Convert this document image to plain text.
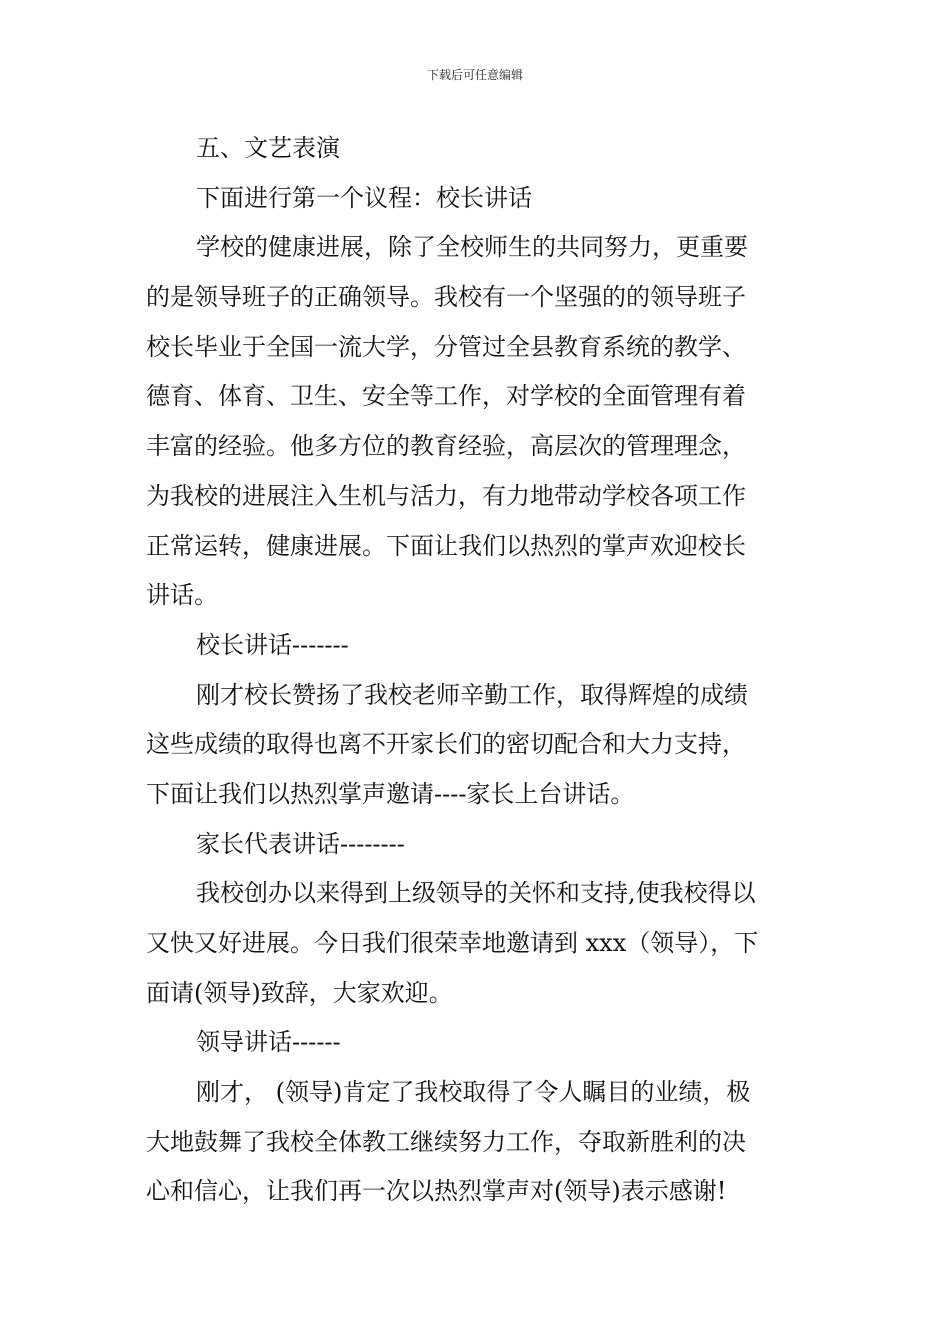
下载后可任意编辑
五、文艺表演
下面进行第一个议程：校长讲话
学校的健康进展，除了全校师生的共同努力，更重要
的是领导班子的正确领导。我校有一个坚强的的领导班子
校长毕业于全国一流大学，分管过全县教育系统的教学、
德育、体育、卫生、安全等工作，对学校的全面管理有着
丰富的经验。他多方位的教育经验，高层次的管理理念，
为我校的进展注入生机与活力，有力地带动学校各项工作
正常运转，健康进展。下面让我们以热烈的掌声欢迎校长
讲话。
校长讲话-------
刚才校长赞扬了我校老师辛勤工作，取得辉煌的成绩
这些成绩的取得也离不开家长们的密切配合和大力支持，
下面让我们以热烈掌声邀请----家长上台讲话。
家长代表讲话--------
我校创办以来得到上级领导的关怀和支持,使我校得以
又快又好进展。今日我们很荣幸地邀请到 xxx（领导），下
面请(领导)致辞，大家欢迎。
领导讲话------
刚才， (领导)肯定了我校取得了令人瞩目的业绩，极
大地鼓舞了我校全体教工继续努力工作，夺取新胜利的决
心和信心，让我们再一次以热烈掌声对(领导)表示感谢!
